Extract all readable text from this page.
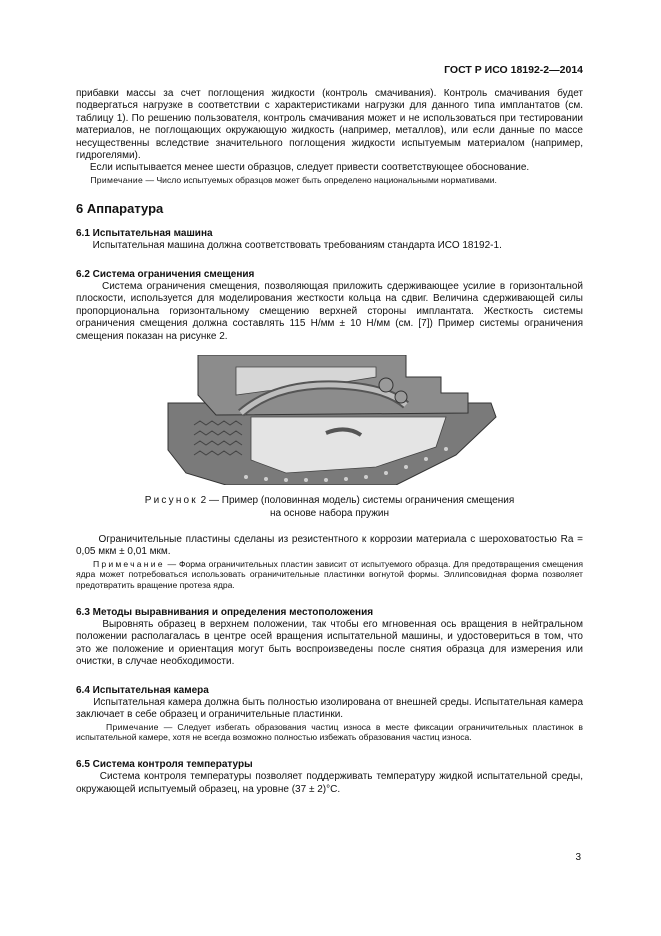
ГОСТ Р ИСО 18192-2—2014

прибавки массы за счет поглощения жидкости (контроль смачивания). Контроль смачивания будет подвергаться нагрузке в соответствии с характеристиками нагрузки для данного типа имплантатов (см. таблицу 1). По решению пользователя, контроль смачивания может и не использоваться при тестировании материалов, не поглощающих окружающую жидкость (например, металлов), или если данные по массе несущественны вследствие значительного поглощения жидкости испытуемым материалом (например, гидрогелями).

Если испытывается менее шести образцов, следует привести соответствующее обоснование.

Примечание — Число испытуемых образцов может быть определено национальными нормативами.

6 Аппаратура
6.1 Испытательная машина

Испытательная машина должна соответствовать требованиям стандарта ИСО 18192-1.

6.2 Система ограничения смещения

Система ограничения смещения, позволяющая приложить сдерживающее усилие в горизонтальной плоскости, используется для моделирования жесткости кольца на сдвиг. Величина сдерживающей силы пропорциональна горизонтальному смещению верхней стороны имплантата. Жесткость системы ограничения смещения должна составлять 115 Н/мм ± 10 Н/мм (см. [7]) Пример системы ограничения смещения показан на рисунке 2.

Рисунок 2 — Пример (половинная модель) системы ограничения смещения
на основе набора пружин

Ограничительные пластины сделаны из резистентного к коррозии материала с шероховатостью Ra = 0,05 мкм ± 0,01 мкм.

Примечание — Форма ограничительных пластин зависит от испытуемого образца. Для предотвращения смещения ядра может потребоваться использовать ограничительные пластинки вогнутой формы. Эллипсовидная форма позволяет предотвратить вращение протеза ядра.

6.3 Методы выравнивания и определения местоположения

Выровнять образец в верхнем положении, так чтобы его мгновенная ось вращения в нейтральном положении располагалась в центре осей вращения испытательной машины, и удостовериться в том, что это же положение и ориентация могут быть воспроизведены после снятия образца для измерения или очистки, в случае необходимости.

6.4 Испытательная камера

Испытательная камера должна быть полностью изолирована от внешней среды. Испытательная камера заключает в себе образец и ограничительные пластинки.

Примечание — Следует избегать образования частиц износа в месте фиксации ограничительных пластинок в испытательной камере, хотя не всегда возможно полностью избежать образования частиц износа.

6.5 Система контроля температуры

Система контроля температуры позволяет поддерживать температуру жидкой испытательной среды, окружающей испытуемый образец, на уровне (37 ± 2)°С.

3
